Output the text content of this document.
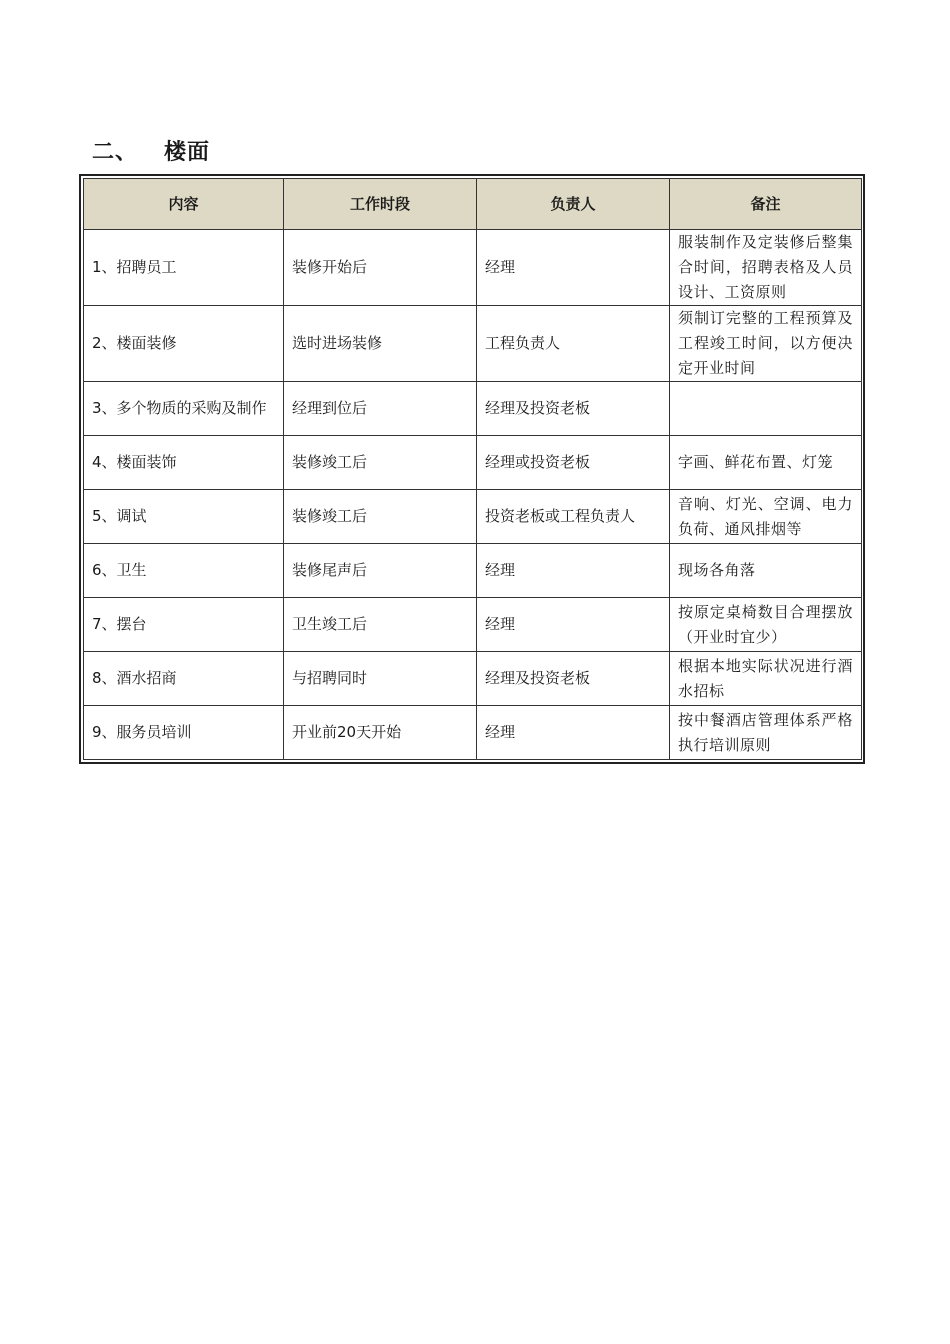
二、 楼面
内容	工作时段	负责人	备注
1、招聘员工	装修开始后	经理	服装制作及定装修后整集合时间，招聘表格及人员设计、工资原则
2、楼面装修	选时进场装修	工程负责人	须制订完整的工程预算及工程竣工时间，以方便决定开业时间
3、多个物质的采购及制作	经理到位后	经理及投资老板	
4、楼面装饰	装修竣工后	经理或投资老板	字画、鲜花布置、灯笼
5、调试	装修竣工后	投资老板或工程负责人	音响、灯光、空调、电力负荷、通风排烟等
6、卫生	装修尾声后	经理	现场各角落
7、摆台	卫生竣工后	经理	按原定桌椅数目合理摆放（开业时宜少）
8、酒水招商	与招聘同时	经理及投资老板	根据本地实际状况进行酒水招标
9、服务员培训	开业前20天开始	经理	按中餐酒店管理体系严格执行培训原则
